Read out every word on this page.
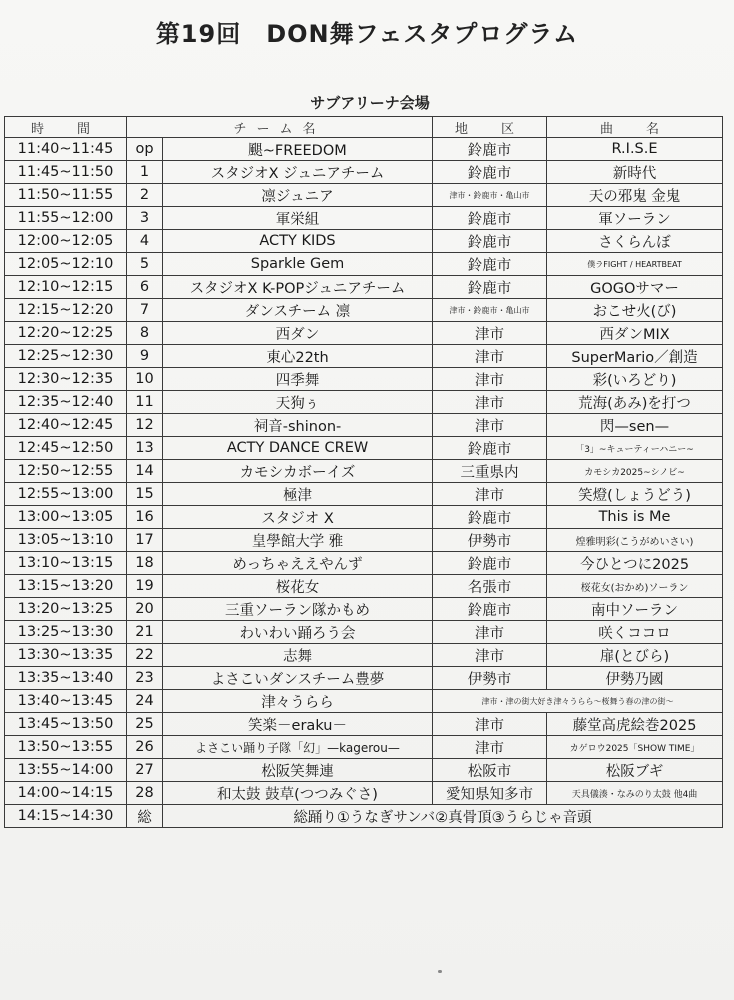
第19回　DON舞フェスタプログラム
サブアリーナ会場
時　間	チーム名		地　区	曲　名
11:40~11:45	op	颶~FREEDOM	鈴鹿市	R.I.S.E
11:45~11:50	1	スタジオX ジュニアチーム	鈴鹿市	新時代
11:50~11:55	2	凛ジュニア	津市・鈴鹿市・亀山市	天の邪鬼 金鬼
11:55~12:00	3	軍栄組	鈴鹿市	軍ソーラン
12:00~12:05	4	ACTY KIDS	鈴鹿市	さくらんぼ
12:05~12:10	5	Sparkle Gem	鈴鹿市	僕ラFIGHT / HEARTBEAT
12:10~12:15	6	スタジオX K-POPジュニアチーム	鈴鹿市	GOGOサマー
12:15~12:20	7	ダンスチーム 凛	津市・鈴鹿市・亀山市	おこせ火(び)
12:20~12:25	8	西ダン	津市	西ダンMIX
12:25~12:30	9	東心22th	津市	SuperMario／創造
12:30~12:35	10	四季舞	津市	彩(いろどり)
12:35~12:40	11	天狗ぅ	津市	荒海(あみ)を打つ
12:40~12:45	12	祠音-shinon-	津市	閃—sen—
12:45~12:50	13	ACTY DANCE CREW	鈴鹿市	「3」~キューティーハニー~
12:50~12:55	14	カモシカボーイズ	三重県内	カモシカ2025~シノビ~
12:55~13:00	15	極津	津市	笑燈(しょうどう)
13:00~13:05	16	スタジオ X	鈴鹿市	This is Me
13:05~13:10	17	皇學館大学 雅	伊勢市	煌雅明彩(こうがめいさい)
13:10~13:15	18	めっちゃええやんず	鈴鹿市	今ひとつに2025
13:15~13:20	19	桜花女	名張市	桜花女(おかめ)ソーラン
13:20~13:25	20	三重ソーラン隊かもめ	鈴鹿市	南中ソーラン
13:25~13:30	21	わいわい踊ろう会	津市	咲くココロ
13:30~13:35	22	志舞	津市	扉(とびら)
13:35~13:40	23	よさこいダンスチーム豊夢	伊勢市	伊勢乃國
13:40~13:45	24	津々うらら	津市・津の街大好き津々うらら～桜舞う春の津の街～	
13:45~13:50	25	笑楽－eraku－	津市	藤堂高虎絵巻2025
13:50~13:55	26	よさこい踊り子隊「幻」—kagerou—	津市	カゲロウ2025「SHOW TIME」
13:55~14:00	27	松阪笑舞連	松阪市	松阪ブギ
14:00~14:15	28	和太鼓 鼓草(つつみぐさ)	愛知県知多市	天具儀湊・なみのり太鼓 他4曲
14:15~14:30	総	総踊り①うなぎサンバ②真骨頂③うらじゃ音頭		
